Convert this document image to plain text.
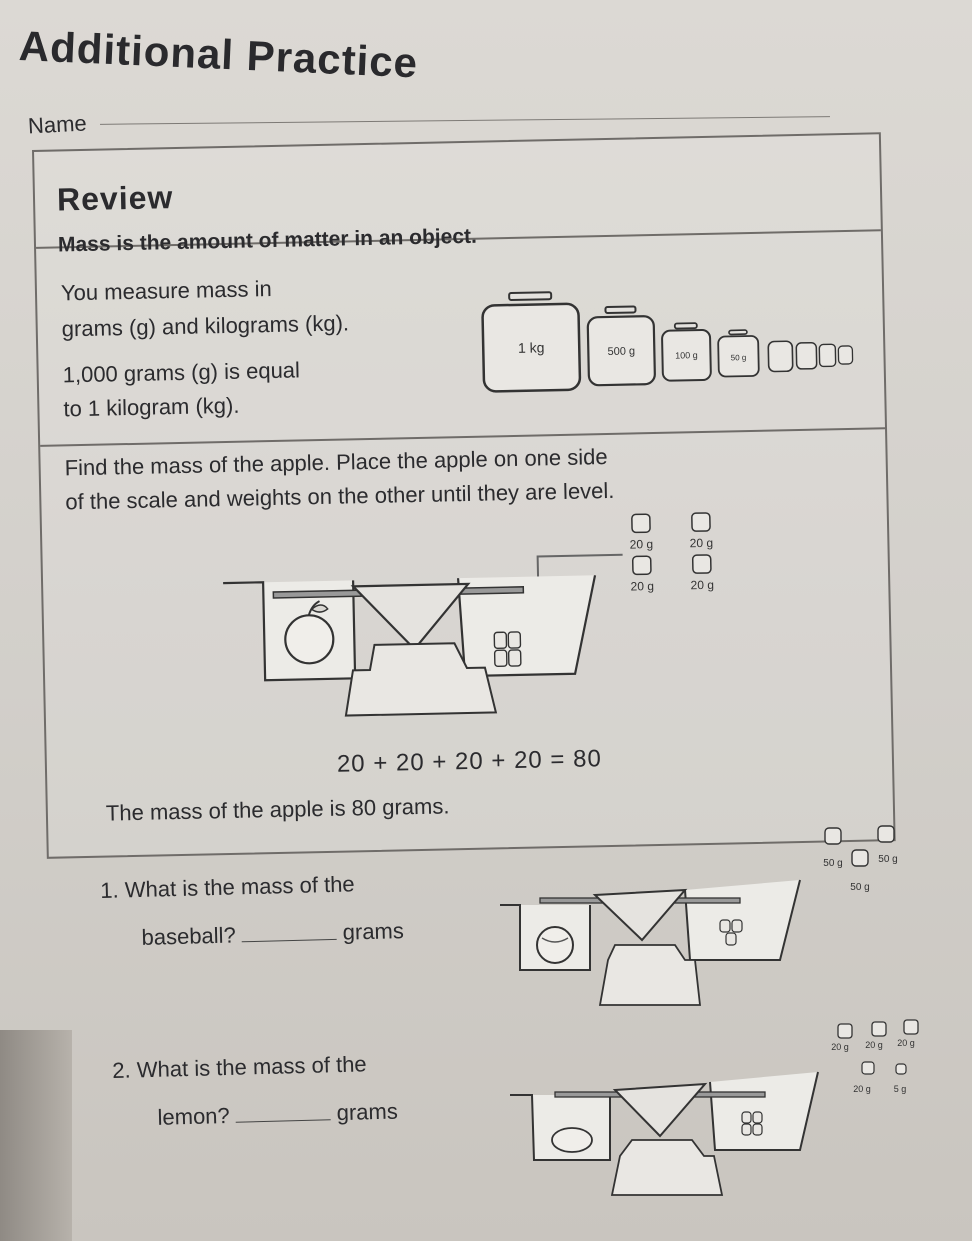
Additional Practice
Name
Review
Mass is the amount of matter in an object.
You measure mass in
grams (g) and kilograms (kg).
1,000 grams (g) is equal
to 1 kilogram (kg).
1 kg	500 g	100 g	50 g
Find the mass of the apple. Place the apple on one side
of the scale and weights on the other until they are level.
20 g	20 g
20 g	20 g
20 + 20 + 20 + 20 = 80
The mass of the apple is 80 grams.
1. What is the mass of the
baseball?	grams
50 g	50 g
50 g
2. What is the mass of the
lemon?	grams
20 g 20 g 20 g
20 g	5 g
